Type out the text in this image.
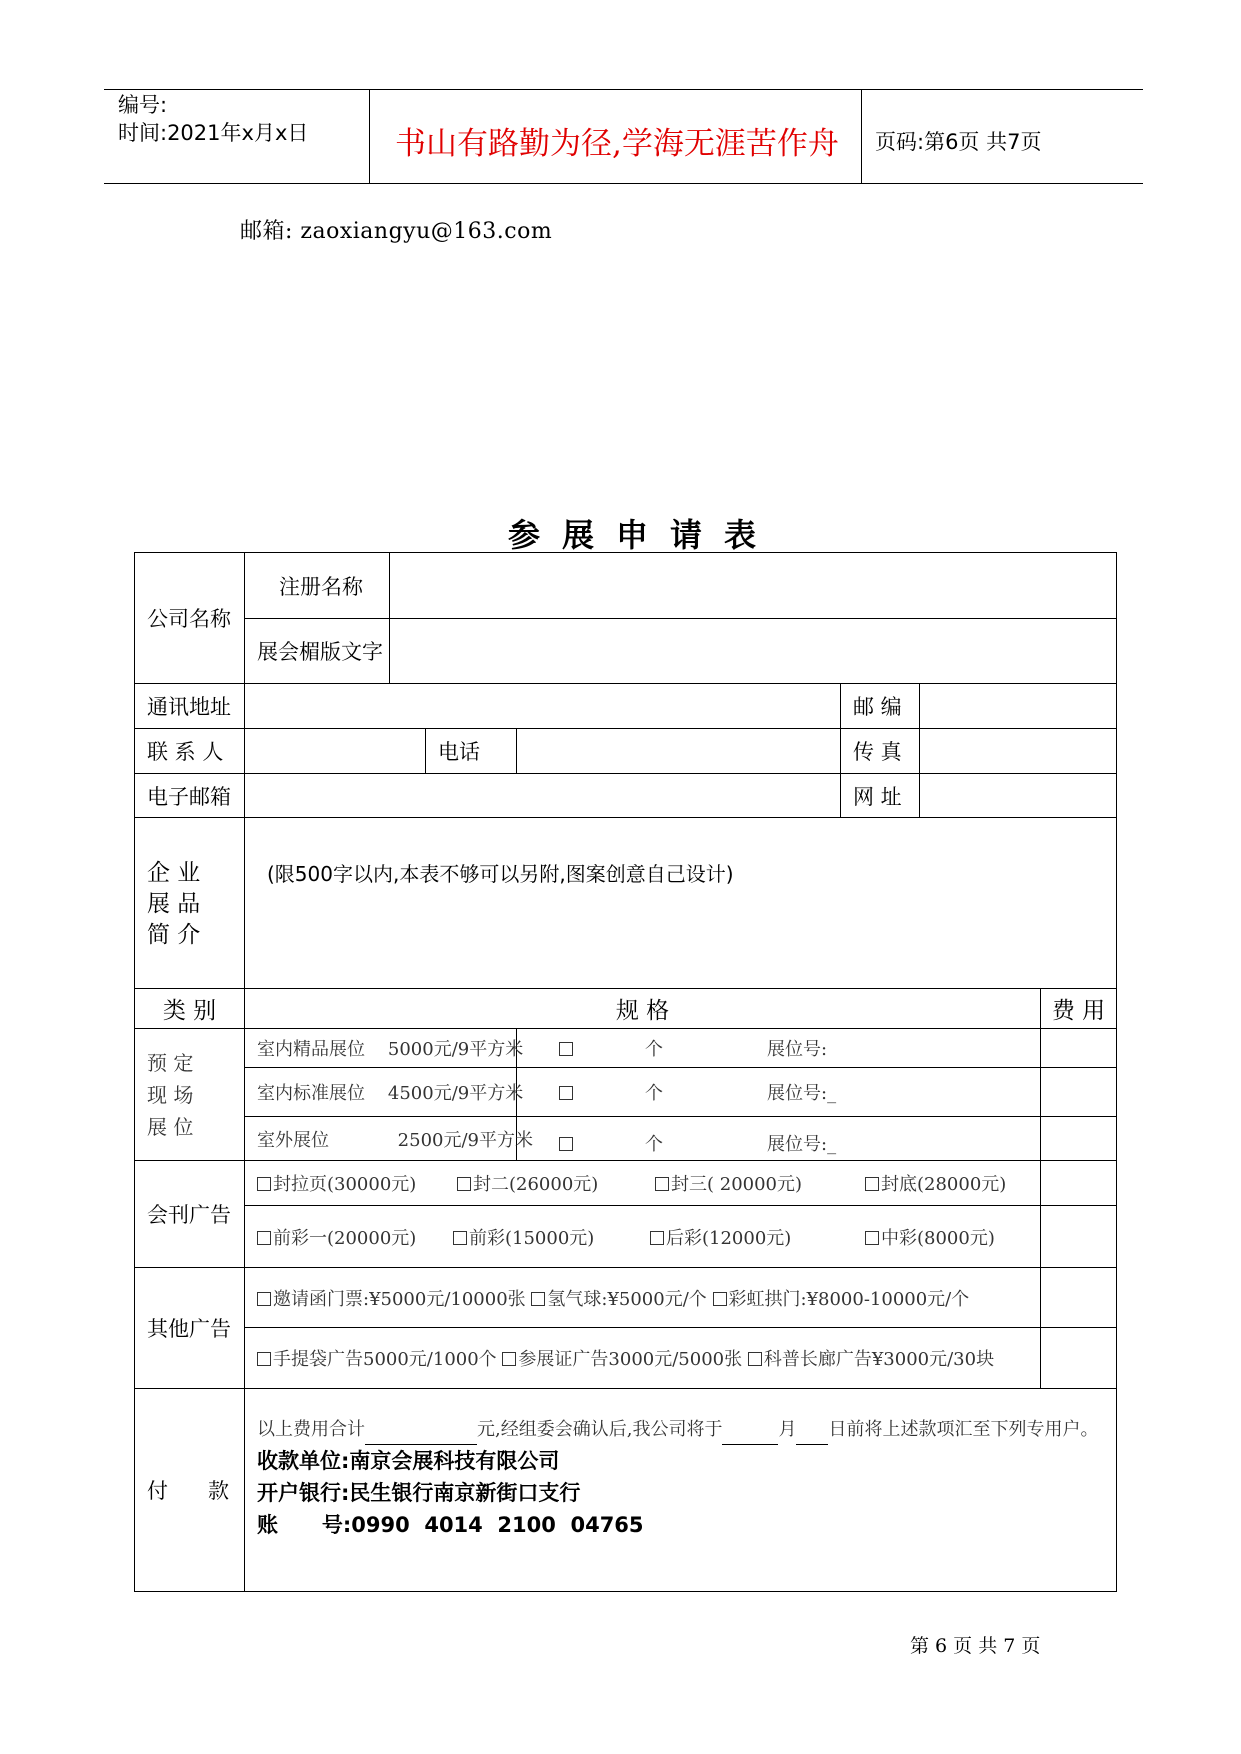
编号:
时间:2021年x月x日	书山有路勤为径,学海无涯苦作舟 页码:第6页 共7页
邮箱: zaoxiangyu@163.com
参展申请表
公司名称	注册名称						
	展会楣版文字						
通讯地址					邮 编		
联 系 人			电话		传 真		
电子邮箱					网 址		

企 业
展 品
简 介	(限500字以内,本表不够可以另附,图案创意自己设计)						
类 别	规 格						费 用

预 定
现 场
展 位	室内精品展位    5000元/9平方米			个 展位号:			
	室内标准展位    4500元/9平方米			个 展位号:_			
	室外展位            2500元/9平方米			个 展位号:_			
会刊广告	封拉页(30000元) 封二(26000元) 封三( 20000元) 封底(28000元)						
	前彩一(20000元) 前彩(15000元) 后彩(12000元) 中彩(8000元)						
其他广告	邀请函门票:¥5000元/10000张 氢气球:¥5000元/个 彩虹拱门:¥8000-10000元/个						
	手提袋广告5000元/1000个 参展证广告3000元/5000张 科普长廊广告¥3000元/30块						
付      款	以上费用合计 元,经组委会确认后,我公司将于 月 日前将上述款项汇至下列专用户。
收款单位:南京会展科技有限公司
开户银行:民生银行南京新街口支行
账      号:0990  4014  2100  04765						
第 6 页 共 7 页
